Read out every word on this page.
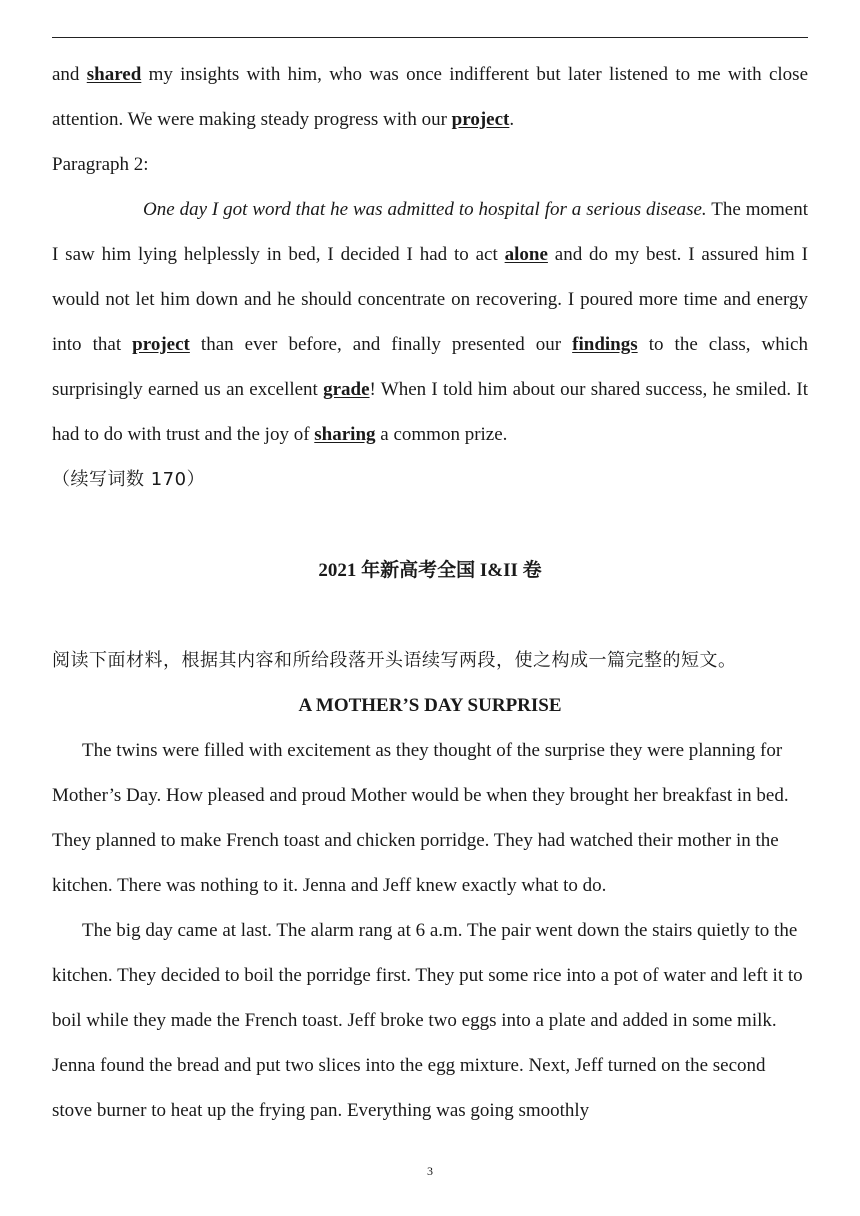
and shared my insights with him, who was once indifferent but later listened to me with close attention. We were making steady progress with our project.

Paragraph 2:

One day I got word that he was admitted to hospital for a serious disease. The moment I saw him lying helplessly in bed, I decided I had to act alone and do my best. I assured him I would not let him down and he should concentrate on recovering. I poured more time and energy into that project than ever before, and finally presented our findings to the class, which surprisingly earned us an excellent grade! When I told him about our shared success, he smiled. It had to do with trust and the joy of sharing a common prize.

（续写词数 170）

2021 年新高考全国 I&II 卷

阅读下面材料，根据其内容和所给段落开头语续写两段，使之构成一篇完整的短文。

A MOTHER’S DAY SURPRISE

The twins were filled with excitement as they thought of the surprise they were planning for Mother’s Day. How pleased and proud Mother would be when they brought her breakfast in bed. They planned to make French toast and chicken porridge. They had watched their mother in the kitchen. There was nothing to it. Jenna and Jeff knew exactly what to do.

The big day came at last. The alarm rang at 6 a.m. The pair went down the stairs quietly to the kitchen. They decided to boil the porridge first. They put some rice into a pot of water and left it to boil while they made the French toast. Jeff broke two eggs into a plate and added in some milk. Jenna found the bread and put two slices into the egg mixture. Next, Jeff turned on the second stove burner to heat up the frying pan. Everything was going smoothly

3
